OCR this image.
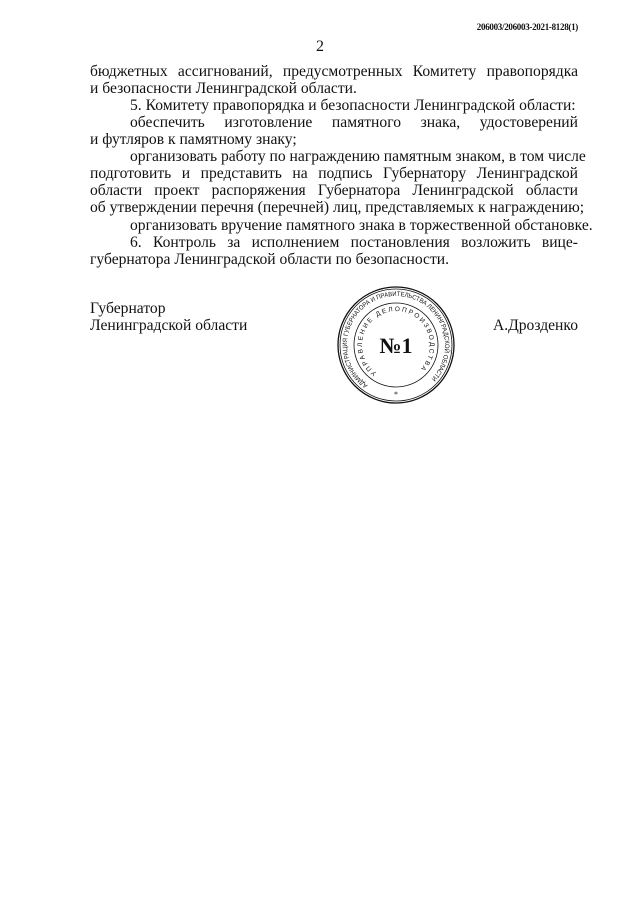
206003/206003-2021-8128(1)
2
бюджетных ассигнований, предусмотренных Комитету правопорядка
и безопасности Ленинградской области.
5. Комитету правопорядка и безопасности Ленинградской области:
обеспечить изготовление памятного знака, удостоверений
и футляров к памятному знаку;
организовать работу по награждению памятным знаком, в том числе
подготовить и представить на подпись Губернатору Ленинградской
области проект распоряжения Губернатора Ленинградской области
об утверждении перечня (перечней) лиц, представляемых к награждению;
организовать вручение памятного знака в торжественной обстановке.
6. Контроль за исполнением постановления возложить вице-
губернатора Ленинградской области по безопасности.
Губернатор
Ленинградской области	А.Дрозденко
АДМИНИСТРАЦИЯ ГУБЕРНАТОРА И ПРАВИТЕЛЬСТВА ЛЕНИНГРАДСКОЙ ОБЛАСТИ
УПРАВЛЕНИЕ ДЕЛОПРОИЗВОДСТВА
№1
*
